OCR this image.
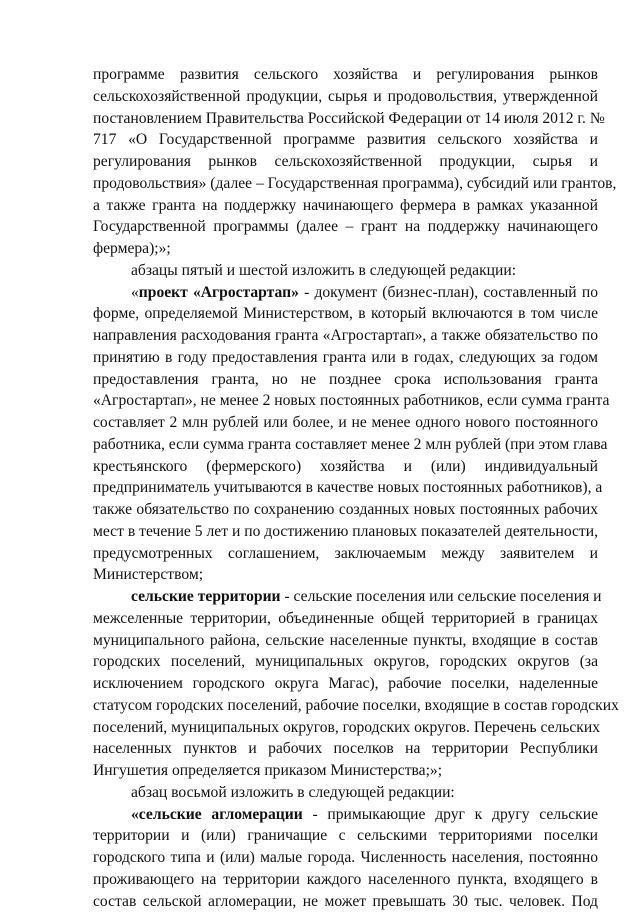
программе развития сельского хозяйства и регулирования рынков
сельскохозяйственной продукции, сырья и продовольствия, утвержденной
постановлением Правительства Российской Федерации от 14 июля 2012 г. №
717 «О Государственной программе развития сельского хозяйства и
регулирования рынков сельскохозяйственной продукции, сырья и
продовольствия» (далее – Государственная программа), субсидий или грантов,
а также гранта на поддержку начинающего фермера в рамках указанной
Государственной программы (далее – грант на поддержку начинающего
фермера);»;
абзацы пятый и шестой изложить в следующей редакции:
«проект «Агростартап» - документ (бизнес-план), составленный по
форме, определяемой Министерством, в который включаются в том числе
направления расходования гранта «Агростартап», а также обязательство по
принятию в году предоставления гранта или в годах, следующих за годом
предоставления гранта, но не позднее срока использования гранта
«Агростартап», не менее 2 новых постоянных работников, если сумма гранта
составляет 2 млн рублей или более, и не менее одного нового постоянного
работника, если сумма гранта составляет менее 2 млн рублей (при этом глава
крестьянского (фермерского) хозяйства и (или) индивидуальный
предприниматель учитываются в качестве новых постоянных работников), а
также обязательство по сохранению созданных новых постоянных рабочих
мест в течение 5 лет и по достижению плановых показателей деятельности,
предусмотренных соглашением, заключаемым между заявителем и
Министерством;
сельские территории - сельские поселения или сельские поселения и
межселенные территории, объединенные общей территорией в границах
муниципального района, сельские населенные пункты, входящие в состав
городских поселений, муниципальных округов, городских округов (за
исключением городского округа Магас), рабочие поселки, наделенные
статусом городских поселений, рабочие поселки, входящие в состав городских
поселений, муниципальных округов, городских округов. Перечень сельских
населенных пунктов и рабочих поселков на территории Республики
Ингушетия определяется приказом Министерства;»;
абзац восьмой изложить в следующей редакции:
«сельские агломерации - примыкающие друг к другу сельские
территории и (или) граничащие с сельскими территориями поселки
городского типа и (или) малые города. Численность населения, постоянно
проживающего на территории каждого населенного пункта, входящего в
состав сельской агломерации, не может превышать 30 тыс. человек. Под
